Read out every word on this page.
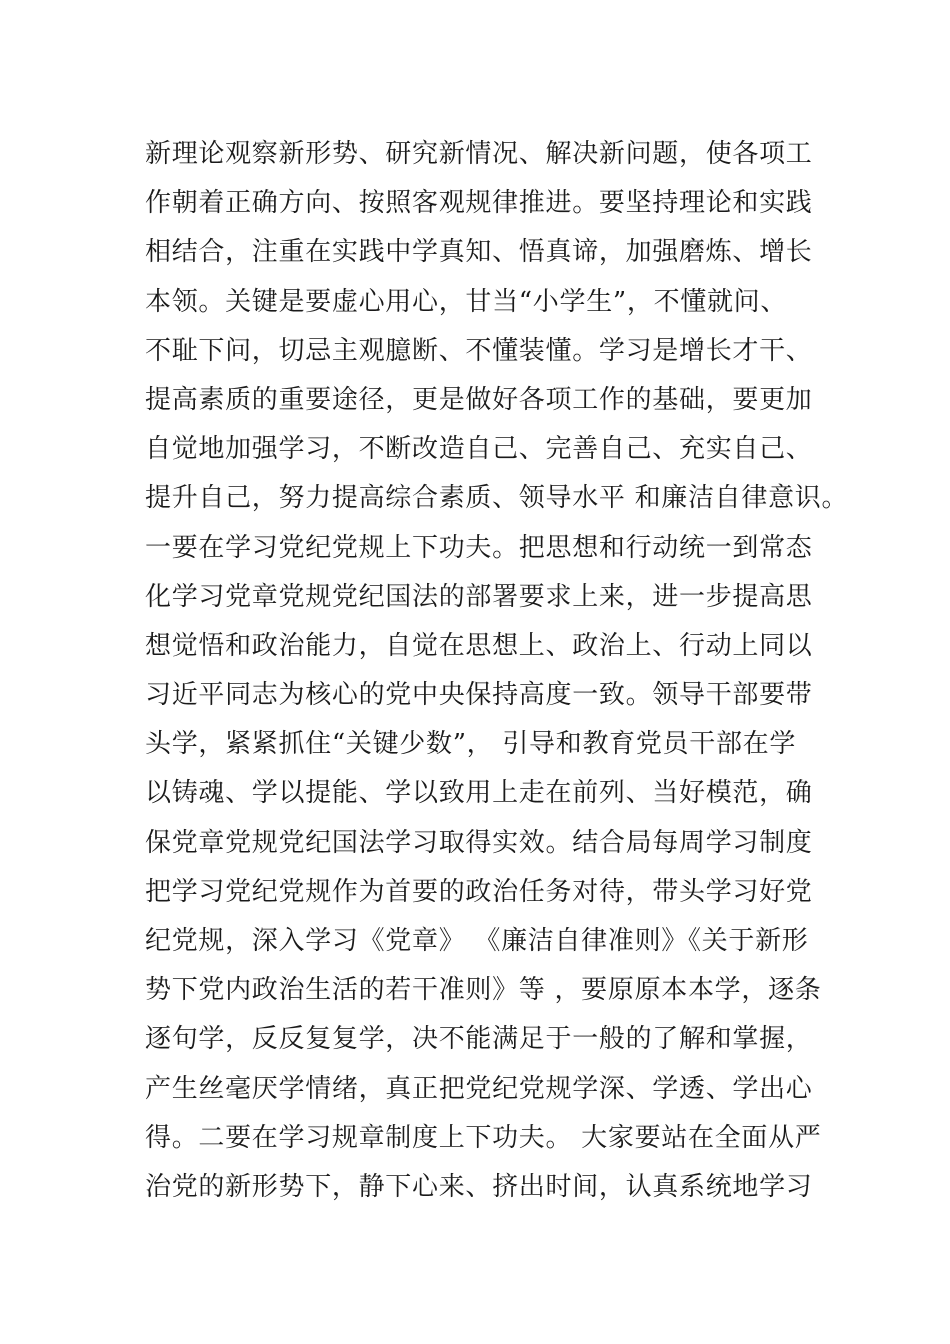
新理论观察新形势、研究新情况、解决新问题，使各项工
作朝着正确方向、按照客观规律推进。要坚持理论和实践
相结合，注重在实践中学真知、悟真谛，加强磨炼、增长
本领。关键是要虚心用心，甘当“小学生”，不懂就问、
不耻下问，切忌主观臆断、不懂装懂。学习是增长才干、
提高素质的重要途径，更是做好各项工作的基础，要更加
自觉地加强学习，不断改造自己、完善自己、充实自己、
提升自己，努力提高综合素质、领导水平 和廉洁自律意识。
一要在学习党纪党规上下功夫。把思想和行动统一到常态
化学习党章党规党纪国法的部署要求上来，进一步提高思
想觉悟和政治能力，自觉在思想上、政治上、行动上同以
习近平同志为核心的党中央保持高度一致。领导干部要带
头学，紧紧抓住“关键少数”， 引导和教育党员干部在学
以铸魂、学以提能、学以致用上走在前列、当好模范，确
保党章党规党纪国法学习取得实效。结合局每周学习制度
把学习党纪党规作为首要的政治任务对待，带头学习好党
纪党规，深入学习《党章》 《廉洁自律准则》《关于新形
势下党内政治生活的若干准则》等 ，要原原本本学，逐条
逐句学，反反复复学，决不能满足于一般的了解和掌握，
产生丝毫厌学情绪，真正把党纪党规学深、学透、学出心
得。二要在学习规章制度上下功夫。 大家要站在全面从严
治党的新形势下，静下心来、挤出时间，认真系统地学习
